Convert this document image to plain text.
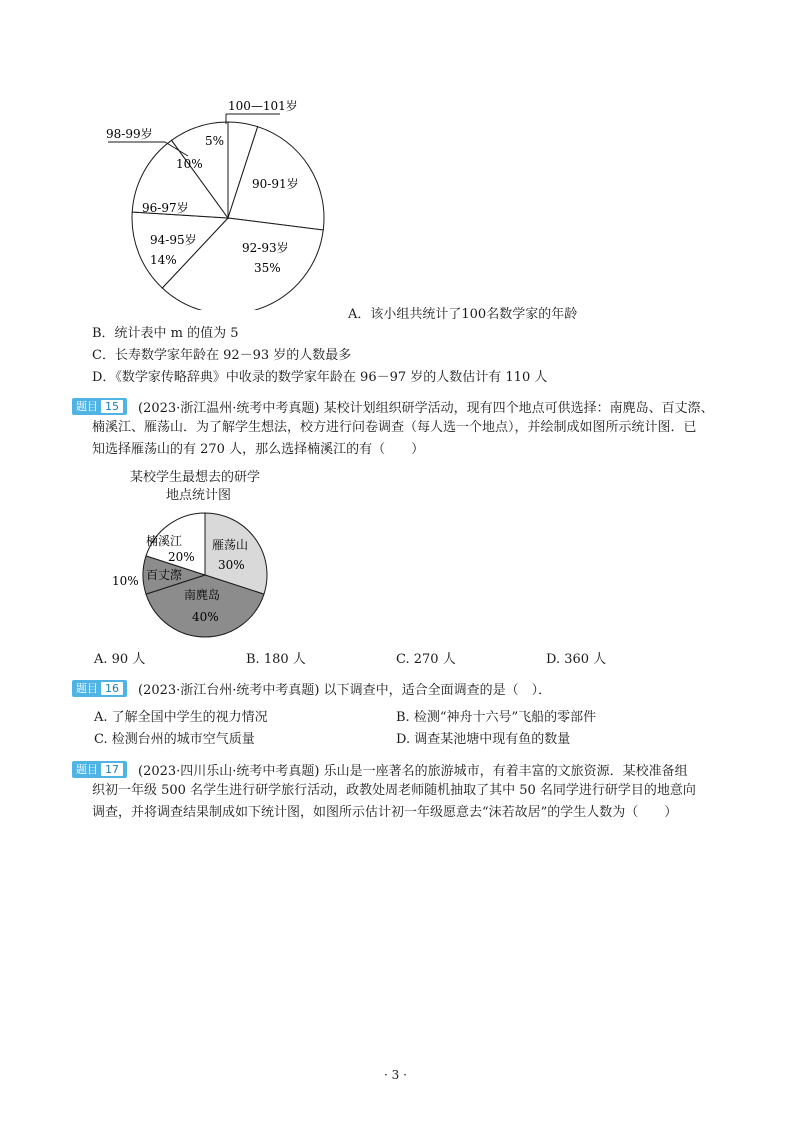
100—101岁
5%
98-99岁
10%
90-91岁
96-97岁
94-95岁
14%
92-93岁
35%
A．该小组共统计了100名数学家的年龄
B．统计表中 m 的值为 5
C．长寿数学家年龄在 92－93 岁的人数最多
D．《数学家传略辞典》中收录的数学家年龄在 96－97 岁的人数估计有 110 人
题目 15	(2023·浙江温州·统考中考真题) 某校计划组织研学活动，现有四个地点可供选择：南麂岛、百丈漈、
楠溪江、雁荡山．为了解学生想法，校方进行问卷调查（每人选一个地点），并绘制成如图所示统计图．已
知选择雁荡山的有 270 人，那么选择楠溪江的有（　　）
某校学生最想去的研学
地点统计图
雁荡山
30%
南麂岛
40%
百丈漈
10%
楠溪江
20%
A. 90 人	B. 180 人	C. 270 人	D. 360 人
题目 16	(2023·浙江台州·统考中考真题) 以下调查中，适合全面调查的是（　）．
A. 了解全国中学生的视力情况	B. 检测“神舟十六号”飞船的零部件
C. 检测台州的城市空气质量	D. 调查某池塘中现有鱼的数量
题目 17	(2023·四川乐山·统考中考真题) 乐山是一座著名的旅游城市，有着丰富的文旅资源．某校准备组
织初一年级 500 名学生进行研学旅行活动，政教处周老师随机抽取了其中 50 名同学进行研学目的地意向
调查，并将调查结果制成如下统计图，如图所示估计初一年级愿意去“沫若故居”的学生人数为（　　）
· 3 ·
